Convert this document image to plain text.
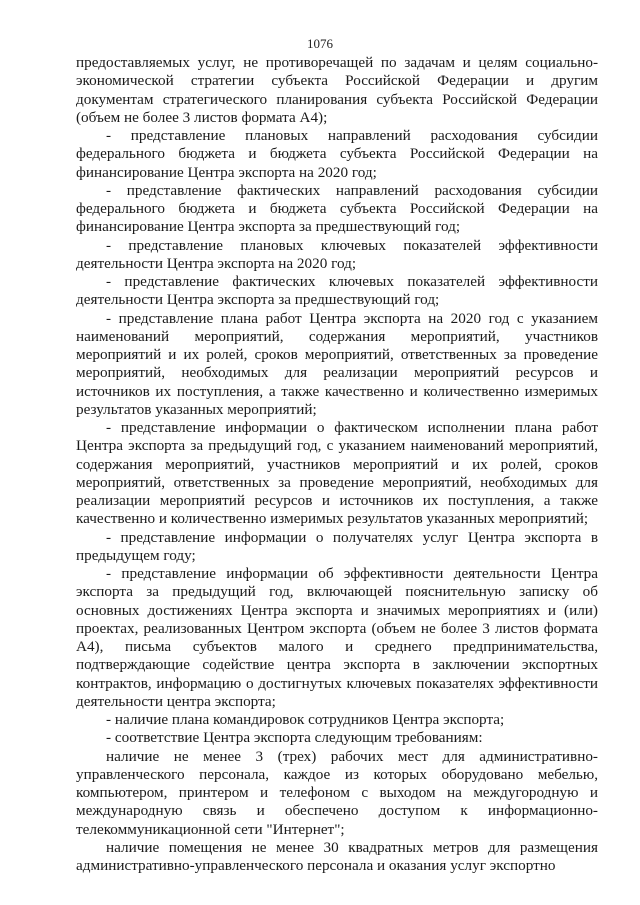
1076

предоставляемых услуг, не противоречащей по задачам и целям социально-экономической стратегии субъекта Российской Федерации и другим документам стратегического планирования субъекта Российской Федерации (объем не более 3 листов формата А4);

- представление плановых направлений расходования субсидии федерального бюджета и бюджета субъекта Российской Федерации на финансирование Центра экспорта на 2020 год;

- представление фактических направлений расходования субсидии федерального бюджета и бюджета субъекта Российской Федерации на финансирование Центра экспорта за предшествующий год;

- представление плановых ключевых показателей эффективности деятельности Центра экспорта на 2020 год;

- представление фактических ключевых показателей эффективности деятельности Центра экспорта за предшествующий год;

- представление плана работ Центра экспорта на 2020 год с указанием наименований мероприятий, содержания мероприятий, участников мероприятий и их ролей, сроков мероприятий, ответственных за проведение мероприятий, необходимых для реализации мероприятий ресурсов и источников их поступления, а также качественно и количественно измеримых результатов указанных мероприятий;

- представление информации о фактическом исполнении плана работ Центра экспорта за предыдущий год, с указанием наименований мероприятий, содержания мероприятий, участников мероприятий и их ролей, сроков мероприятий, ответственных за проведение мероприятий, необходимых для реализации мероприятий ресурсов и источников их поступления, а также качественно и количественно измеримых результатов указанных мероприятий;

- представление информации о получателях услуг Центра экспорта в предыдущем году;

- представление информации об эффективности деятельности Центра экспорта за предыдущий год, включающей пояснительную записку об основных достижениях Центра экспорта и значимых мероприятиях и (или) проектах, реализованных Центром экспорта (объем не более 3 листов формата А4), письма субъектов малого и среднего предпринимательства, подтверждающие содействие центра экспорта в заключении экспортных контрактов, информацию о достигнутых ключевых показателях эффективности деятельности центра экспорта;

- наличие плана командировок сотрудников Центра экспорта;

- соответствие Центра экспорта следующим требованиям:

наличие не менее 3 (трех) рабочих мест для административно-управленческого персонала, каждое из которых оборудовано мебелью, компьютером, принтером и телефоном с выходом на междугородную и международную связь и обеспечено доступом к информационно-телекоммуникационной сети "Интернет";

наличие помещения не менее 30 квадратных метров для размещения административно-управленческого персонала и оказания услуг экспортно
